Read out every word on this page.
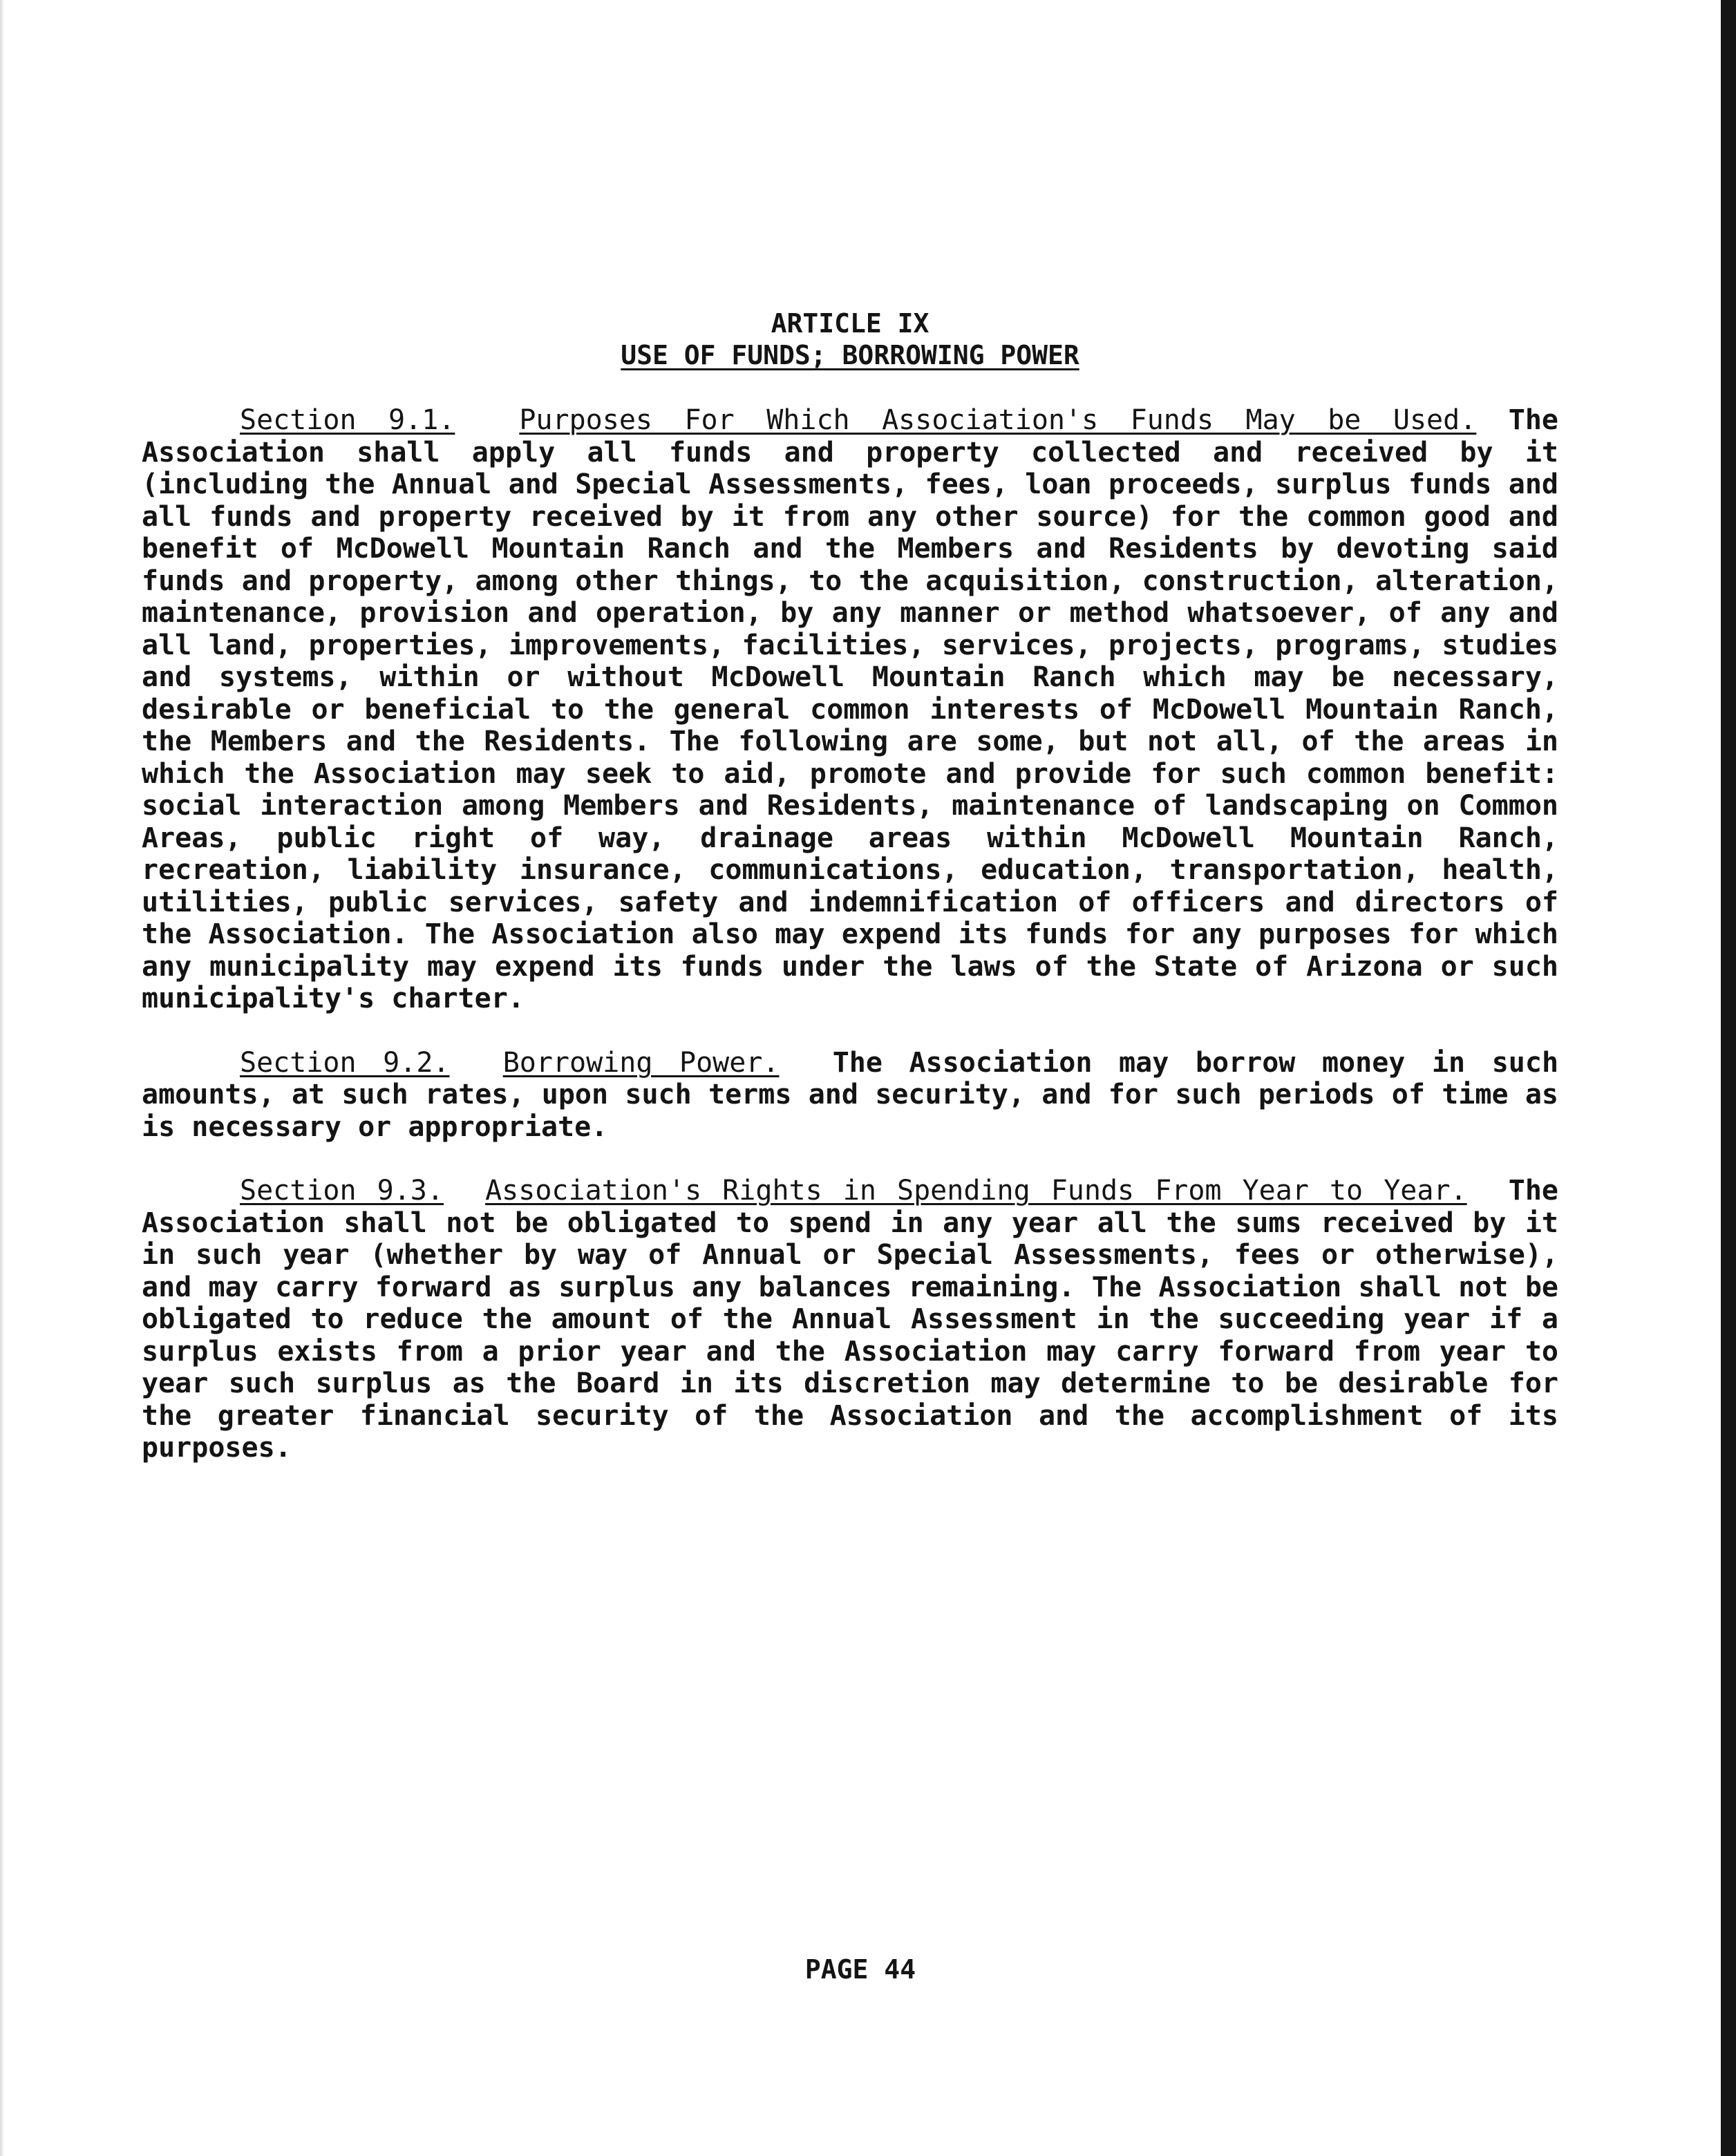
ARTICLE IX
USE OF FUNDS; BORROWING POWER

Section 9.1. Purposes For Which Association's Funds May be Used. The Association shall apply all funds and property collected and received by it (including the Annual and Special Assessments, fees, loan proceeds, surplus funds and all funds and property received by it from any other source) for the common good and benefit of McDowell Mountain Ranch and the Members and Residents by devoting said funds and property, among other things, to the acquisition, construction, alteration, maintenance, provision and operation, by any manner or method whatsoever, of any and all land, properties, improvements, facilities, services, projects, programs, studies and systems, within or without McDowell Mountain Ranch which may be necessary, desirable or beneficial to the general common interests of McDowell Mountain Ranch, the Members and the Residents. The following are some, but not all, of the areas in which the Association may seek to aid, promote and provide for such common benefit: social interaction among Members and Residents, maintenance of landscaping on Common Areas, public right of way, drainage areas within McDowell Mountain Ranch, recreation, liability insurance, communications, education, transportation, health, utilities, public services, safety and indemnification of officers and directors of the Association. The Association also may expend its funds for any purposes for which any municipality may expend its funds under the laws of the State of Arizona or such municipality's charter.

Section 9.2. Borrowing Power. The Association may borrow money in such amounts, at such rates, upon such terms and security, and for such periods of time as is necessary or appropriate.

Section 9.3. Association's Rights in Spending Funds From Year to Year. The Association shall not be obligated to spend in any year all the sums received by it in such year (whether by way of Annual or Special Assessments, fees or otherwise), and may carry forward as surplus any balances remaining. The Association shall not be obligated to reduce the amount of the Annual Assessment in the succeeding year if a surplus exists from a prior year and the Association may carry forward from year to year such surplus as the Board in its discretion may determine to be desirable for the greater financial security of the Association and the accomplishment of its purposes.

PAGE 44
